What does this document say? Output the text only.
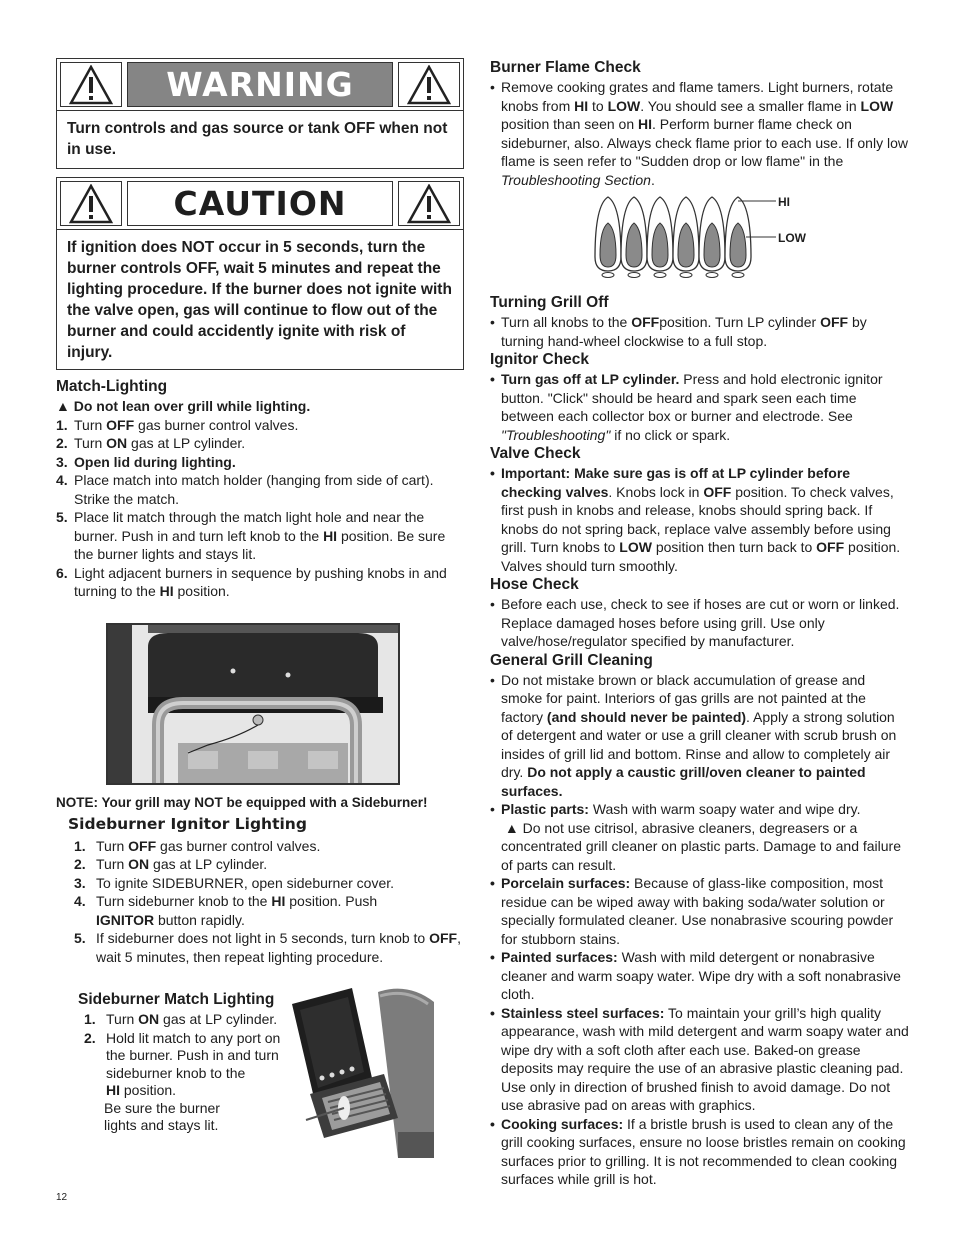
WARNING
Turn controls and gas source or tank OFF when not in use.
CAUTION
If ignition does NOT occur in 5 seconds, turn the burner controls OFF, wait 5 minutes and repeat the lighting procedure. If the burner does not ignite with the valve open, gas will continue to flow out of the burner and could accidently ignite with risk of injury.
Match-Lighting
▲ Do not lean over grill while lighting.
1. Turn OFF gas burner control valves.
2. Turn ON gas at LP cylinder.
3. Open lid during lighting.
4. Place match into match holder (hanging from side of cart). Strike the match.
5. Place lit match through the match light hole and near the burner. Push in and turn left knob to the HI position. Be sure the burner lights and stays lit.
6. Light adjacent burners in sequence by pushing knobs in and turning to the HI position.
NOTE: Your grill may NOT be equipped with a Sideburner!
Sideburner Ignitor Lighting
1. Turn OFF gas burner control valves.
2. Turn ON gas at LP cylinder.
3. To ignite SIDEBURNER, open sideburner cover.
4. Turn sideburner knob to the HI position. Push
IGNITOR button rapidly.
5. If sideburner does not light in 5 seconds, turn knob to OFF, wait 5 minutes, then repeat lighting procedure.
Sideburner Match Lighting
1. Turn ON gas at LP cylinder.
2. Hold lit match to any port on
the burner. Push in and turn
sideburner knob to the
HI position.
Be sure the burner
lights and stays lit.
Burner Flame Check
• Remove cooking grates and flame tamers. Light burners, rotate knobs from HI to LOW. You should see a smaller flame in LOW position than seen on HI. Perform burner flame check on sideburner, also. Always check flame prior to each use. If only low flame is seen refer to "Sudden drop or low flame" in the Troubleshooting Section.
HI
LOW
Turning Grill Off
• Turn all knobs to the OFFposition. Turn LP cylinder OFF by turning hand-wheel clockwise to a full stop.
Ignitor Check
• Turn gas off at LP cylinder. Press and hold electronic ignitor button. "Click" should be heard and spark seen each time between each collector box or burner and electrode. See "Troubleshooting" if no click or spark.
Valve Check
• Important: Make sure gas is off at LP cylinder before checking valves. Knobs lock in OFF position. To check valves, first push in knobs and release, knobs should spring back. If knobs do not spring back, replace valve assembly before using grill. Turn knobs to LOW position then turn back to OFF position. Valves should turn smoothly.
Hose Check
• Before each use, check to see if hoses are cut or worn or linked. Replace damaged hoses before using grill. Use only valve/hose/regulator specified by manufacturer.
General Grill Cleaning
• Do not mistake brown or black accumulation of grease and smoke for paint. Interiors of gas grills are not painted at the factory (and should never be painted). Apply a strong solution of detergent and water or use a grill cleaner with scrub brush on insides of grill lid and bottom. Rinse and allow to completely air dry. Do not apply a caustic grill/oven cleaner to painted surfaces.
• Plastic parts: Wash with warm soapy water and wipe dry.
▲ Do not use citrisol, abrasive cleaners, degreasers or a concentrated grill cleaner on plastic parts. Damage to and failure of parts can result.
• Porcelain surfaces: Because of glass-like composition, most residue can be wiped away with baking soda/water solution or specially formulated cleaner. Use nonabrasive scouring powder for stubborn stains.
• Painted surfaces: Wash with mild detergent or nonabrasive cleaner and warm soapy water. Wipe dry with a soft nonabrasive cloth.
• Stainless steel surfaces: To maintain your grill’s high quality appearance, wash with mild detergent and warm soapy water and wipe dry with a soft cloth after each use. Baked-on grease deposits may require the use of an abrasive plastic cleaning pad. Use only in direction of brushed finish to avoid damage. Do not use abrasive pad on areas with graphics.
• Cooking surfaces: If a bristle brush is used to clean any of the grill cooking surfaces, ensure no loose bristles remain on cooking surfaces prior to grilling. It is not recommended to clean cooking surfaces while grill is hot.
12
